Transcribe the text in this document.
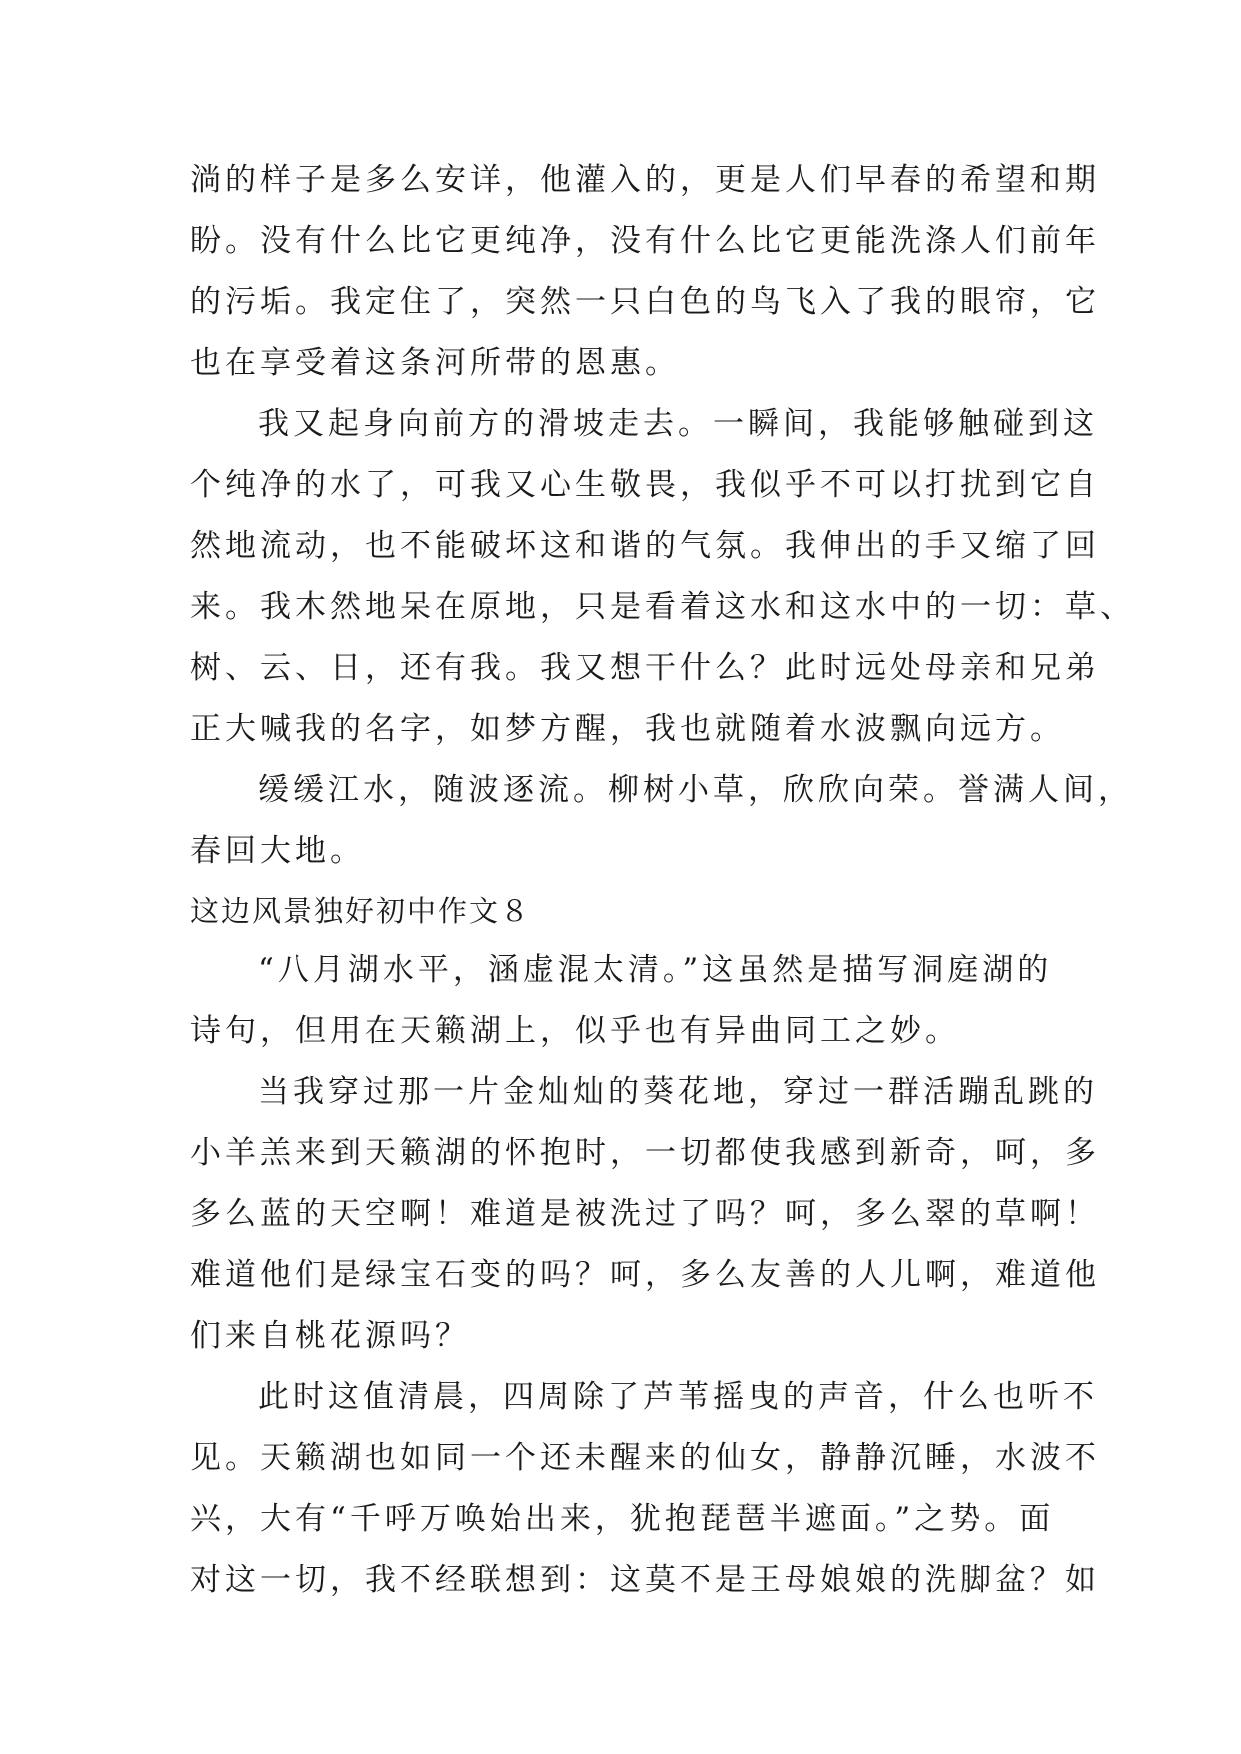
淌的样子是多么安详，他灌入的，更是人们早春的希望和期
盼。没有什么比它更纯净，没有什么比它更能洗涤人们前年
的污垢。我定住了，突然一只白色的鸟飞入了我的眼帘，它
也在享受着这条河所带的恩惠。
我又起身向前方的滑坡走去。一瞬间，我能够触碰到这
个纯净的水了，可我又心生敬畏，我似乎不可以打扰到它自
然地流动，也不能破坏这和谐的气氛。我伸出的手又缩了回
来。我木然地呆在原地，只是看着这水和这水中的一切：草、
树、云、日，还有我。我又想干什么？此时远处母亲和兄弟
正大喊我的名字，如梦方醒，我也就随着水波飘向远方。
缓缓江水，随波逐流。柳树小草，欣欣向荣。誉满人间，
春回大地。
这边风景独好初中作文８
“八月湖水平，涵虚混太清。”这虽然是描写洞庭湖的
诗句，但用在天籁湖上，似乎也有异曲同工之妙。
当我穿过那一片金灿灿的葵花地，穿过一群活蹦乱跳的
小羊羔来到天籁湖的怀抱时，一切都使我感到新奇，呵，多
多么蓝的天空啊！难道是被洗过了吗？呵，多么翠的草啊！
难道他们是绿宝石变的吗？呵，多么友善的人儿啊，难道他
们来自桃花源吗？
此时这值清晨，四周除了芦苇摇曳的声音，什么也听不
见。天籁湖也如同一个还未醒来的仙女，静静沉睡，水波不
兴，大有“千呼万唤始出来，犹抱琵琶半遮面。”之势。面
对这一切，我不经联想到：这莫不是王母娘娘的洗脚盆？如
